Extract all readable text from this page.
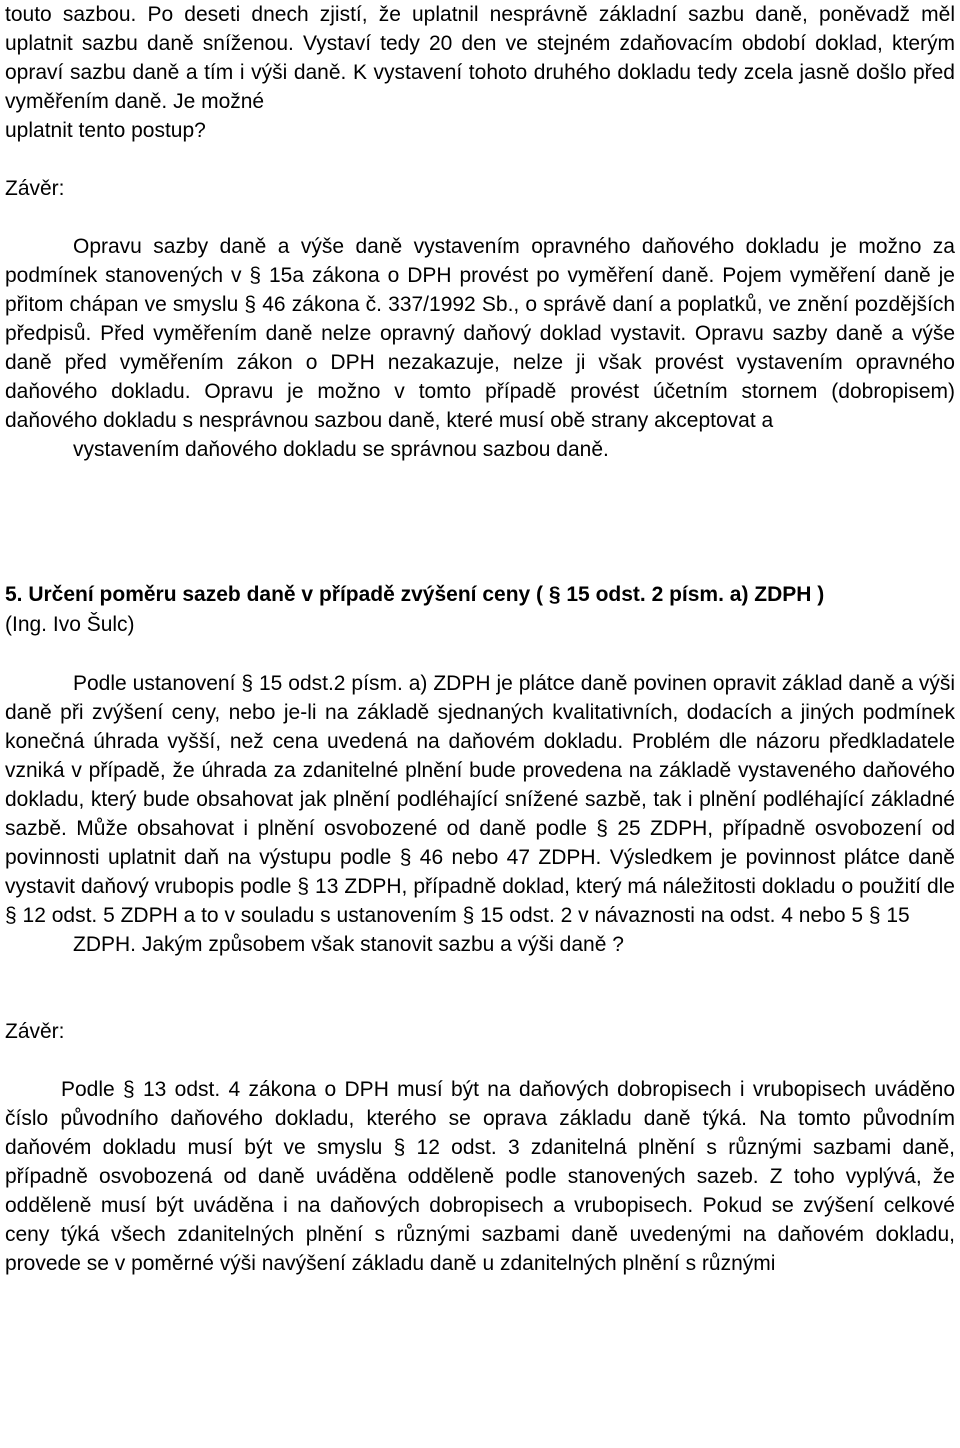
touto sazbou. Po deseti dnech zjistí, že uplatnil nesprávně základní sazbu daně, poněvadž měl uplatnit sazbu daně sníženou. Vystaví tedy 20 den ve stejném zdaňovacím období doklad, kterým opraví sazbu daně a tím i výši daně. K vystavení tohoto druhého dokladu tedy zcela jasně došlo před vyměřením daně. Je možné
uplatnit tento postup?

Závěr:

Opravu sazby daně a výše daně vystavením opravného daňového dokladu je možno za podmínek stanovených v § 15a zákona o DPH provést po vyměření daně. Pojem vyměření daně je přitom chápan ve smyslu § 46 zákona č. 337/1992 Sb., o správě daní a poplatků, ve znění pozdějších předpisů. Před vyměřením daně nelze opravný daňový doklad vystavit. Opravu sazby daně a výše daně před vyměřením zákon o DPH nezakazuje, nelze ji však provést vystavením opravného daňového dokladu. Opravu je možno v tomto případě provést účetním stornem (dobropisem) daňového dokladu s nesprávnou sazbou daně, které musí obě strany akceptovat a
vystavením daňového dokladu se správnou sazbou daně.

5. Určení poměru sazeb daně v případě zvýšení ceny ( § 15 odst. 2 písm. a) ZDPH )

(Ing. Ivo Šulc)

Podle ustanovení § 15 odst.2 písm. a) ZDPH je plátce daně povinen opravit základ daně a výši daně při zvýšení ceny, nebo je-li na základě sjednaných kvalitativních, dodacích a jiných podmínek konečná úhrada vyšší, než cena uvedená na daňovém dokladu. Problém dle názoru předkladatele vzniká v případě, že úhrada za zdanitelné plnění bude provedena na základě vystaveného daňového dokladu, který bude obsahovat jak plnění podléhající snížené sazbě, tak i plnění podléhající základné sazbě. Může obsahovat i plnění osvobozené od daně podle § 25 ZDPH, případně osvobození od povinnosti uplatnit daň na výstupu podle § 46 nebo 47 ZDPH. Výsledkem je povinnost plátce daně vystavit daňový vrubopis podle § 13 ZDPH, případně doklad, který má náležitosti dokladu o použití dle § 12 odst. 5 ZDPH a to v souladu s ustanovením § 15 odst. 2 v návaznosti na odst. 4 nebo 5 § 15
ZDPH. Jakým způsobem však stanovit sazbu a výši daně ?

Závěr:

Podle § 13 odst. 4 zákona o DPH musí být na daňových dobropisech i vrubopisech uváděno číslo původního daňového dokladu, kterého se oprava základu daně týká. Na tomto původním daňovém dokladu musí být ve smyslu § 12 odst. 3 zdanitelná plnění s různými sazbami daně, případně osvobozená od daně uváděna odděleně podle stanovených sazeb. Z toho vyplývá, že odděleně musí být uváděna i na daňových dobropisech a vrubopisech. Pokud se zvýšení celkové ceny týká všech zdanitelných plnění s různými sazbami daně uvedenými na daňovém dokladu, provede se v poměrné výši navýšení základu daně u zdanitelných plnění s různými
